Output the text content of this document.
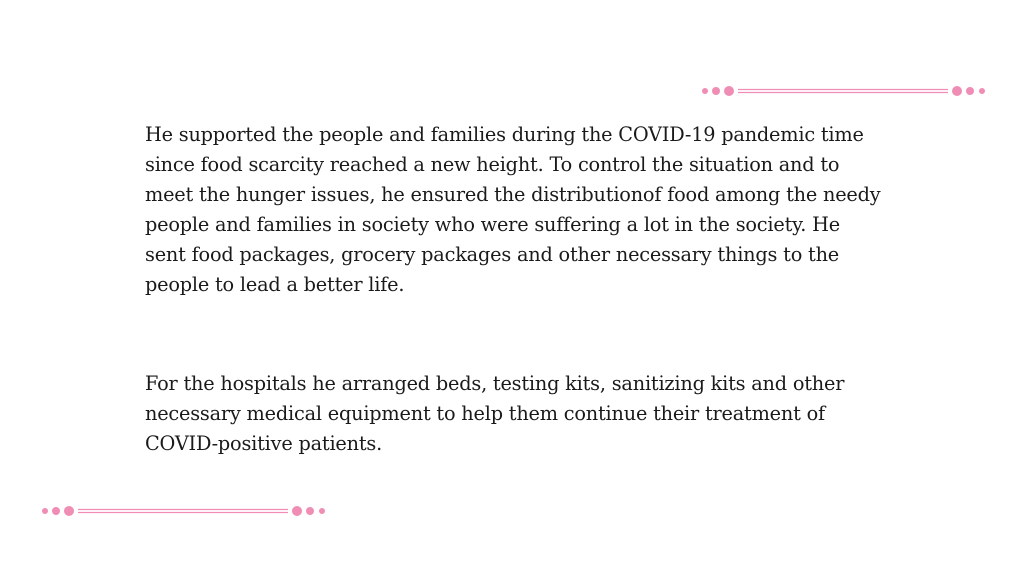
He supported the people and families during the COVID-19 pandemic time since food scarcity reached a new height. To control the situation and to meet the hunger issues, he ensured the distributionof food among the needy people and families in society who were suffering a lot in the society. He sent food packages, grocery packages and other necessary things to the people to lead a better life.

For the hospitals he arranged beds, testing kits, sanitizing kits and other necessary medical equipment to help them continue their treatment of COVID-positive patients.
